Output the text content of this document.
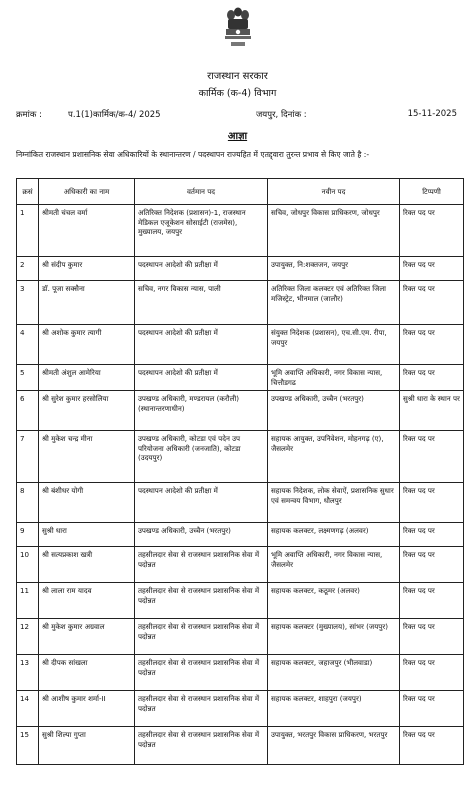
राजस्थान सरकार
कार्मिक (क-4) विभाग
क्रमांक :	प.1(1)कार्मिक/क-4/ 2025	जयपुर, दिनांक :	15-11-2025
आज्ञा
निम्नांकित राजस्थान प्रशासनिक सेवा अधिकारियों के स्थानान्तरण / पदस्थापन राज्यहित में एतद्द्वारा तुरन्त प्रभाव से किए जाते है :-
क्रसं	अधिकारी का नाम	वर्तमान पद	नवीन पद	टिप्पणी
1	श्रीमती चंचल वर्मा	अतिरिक्त निदेशक (प्रशासन)-1, राजस्थान मेडिकल एजूकेशन सोसाईटी (राजमेस), मुख्यालय, जयपुर	सचिव, जोधपुर विकास प्राधिकरण, जोधपुर	रिक्त पद पर
2	श्री संदीप कुमार	पदस्थापन आदेशो की प्रतीक्षा में	उपायुक्त, नि:शक्तजन, जयपुर	रिक्त पद पर
3	डॉ. पूजा सक्सैना	सचिव, नगर विकास न्यास, पाली	अतिरिक्त जिला कलक्टर एवं अतिरिक्त जिला मजिस्ट्रेट, भीनमाल (जालौर)	रिक्त पद पर
4	श्री अशोक कुमार त्यागी	पदस्थापन आदेशो की प्रतीक्षा में	संयुक्त निदेशक (प्रशासन), एच.सी.एम. रीपा, जयपुर	रिक्त पद पर
5	श्रीमती अंशुल आमेरिया	पदस्थापन आदेशो की प्रतीक्षा में	भूमि अवाप्ति अधिकारी, नगर विकास न्यास, चित्तौडगढ	रिक्त पद पर
6	श्री सुरेश कुमार हरसोलिया	उपखण्ड अधिकारी, मण्डरायल (करौली) (स्थानान्तरणाधीन)	उपखण्ड अधिकारी, उच्चैन (भरतपुर)	सुश्री धारा के स्थान पर
7	श्री मुकेश चन्द्र मीना	उपखण्ड अधिकारी, कोटडा एवं पदेन उप परियोजना अधिकारी (जनजाति), कोटडा (उदयपुर)	सहायक आयुक्त, उपनिवेशन, मोहनगढ़ (ए), जैसलमेर	रिक्त पद पर
8	श्री बंशीधर योगी	पदस्थापन आदेशो की प्रतीक्षा में	सहायक निदेशक, लोक सेवाऐं, प्रशासनिक सुधार एवं समन्वय विभाग, धौलपुर	रिक्त पद पर
9	सुश्री धारा	उपखण्ड अधिकारी, उच्चैन (भरतपुर)	सहायक कलक्टर, लक्ष्मणगढ़ (अलवर)	रिक्त पद पर
10	श्री सत्यप्रकाश खत्री	तहसीलदार सेवा से राजस्थान प्रशासनिक सेवा में पदोन्नत	भूमि अवाप्ति अधिकारी, नगर विकास न्यास, जैसलमेर	रिक्त पद पर
11	श्री लाला राम यादव	तहसीलदार सेवा से राजस्थान प्रशासनिक सेवा में पदोन्नत	सहायक कलक्टर, कठूमर (अलवर)	रिक्त पद पर
12	श्री मुकेश कुमार अग्रवाल	तहसीलदार सेवा से राजस्थान प्रशासनिक सेवा में पदोन्नत	सहायक कलक्टर (मुख्यालय), सांभर (जयपुर)	रिक्त पद पर
13	श्री दीपक सांखला	तहसीलदार सेवा से राजस्थान प्रशासनिक सेवा में पदोन्नत	सहायक कलक्टर, जहाजपुर (भीलवाडा)	रिक्त पद पर
14	श्री आशीष कुमार शर्मा-II	तहसीलदार सेवा से राजस्थान प्रशासनिक सेवा में पदोन्नत	सहायक कलक्टर, शाहपुरा (जयपुर)	रिक्त पद पर
15	सुश्री शिल्पा गुप्ता	तहसीलदार सेवा से राजस्थान प्रशासनिक सेवा में पदोन्नत	उपायुक्त, भरतपुर विकास प्राधिकरण, भरतपुर	रिक्त पद पर
